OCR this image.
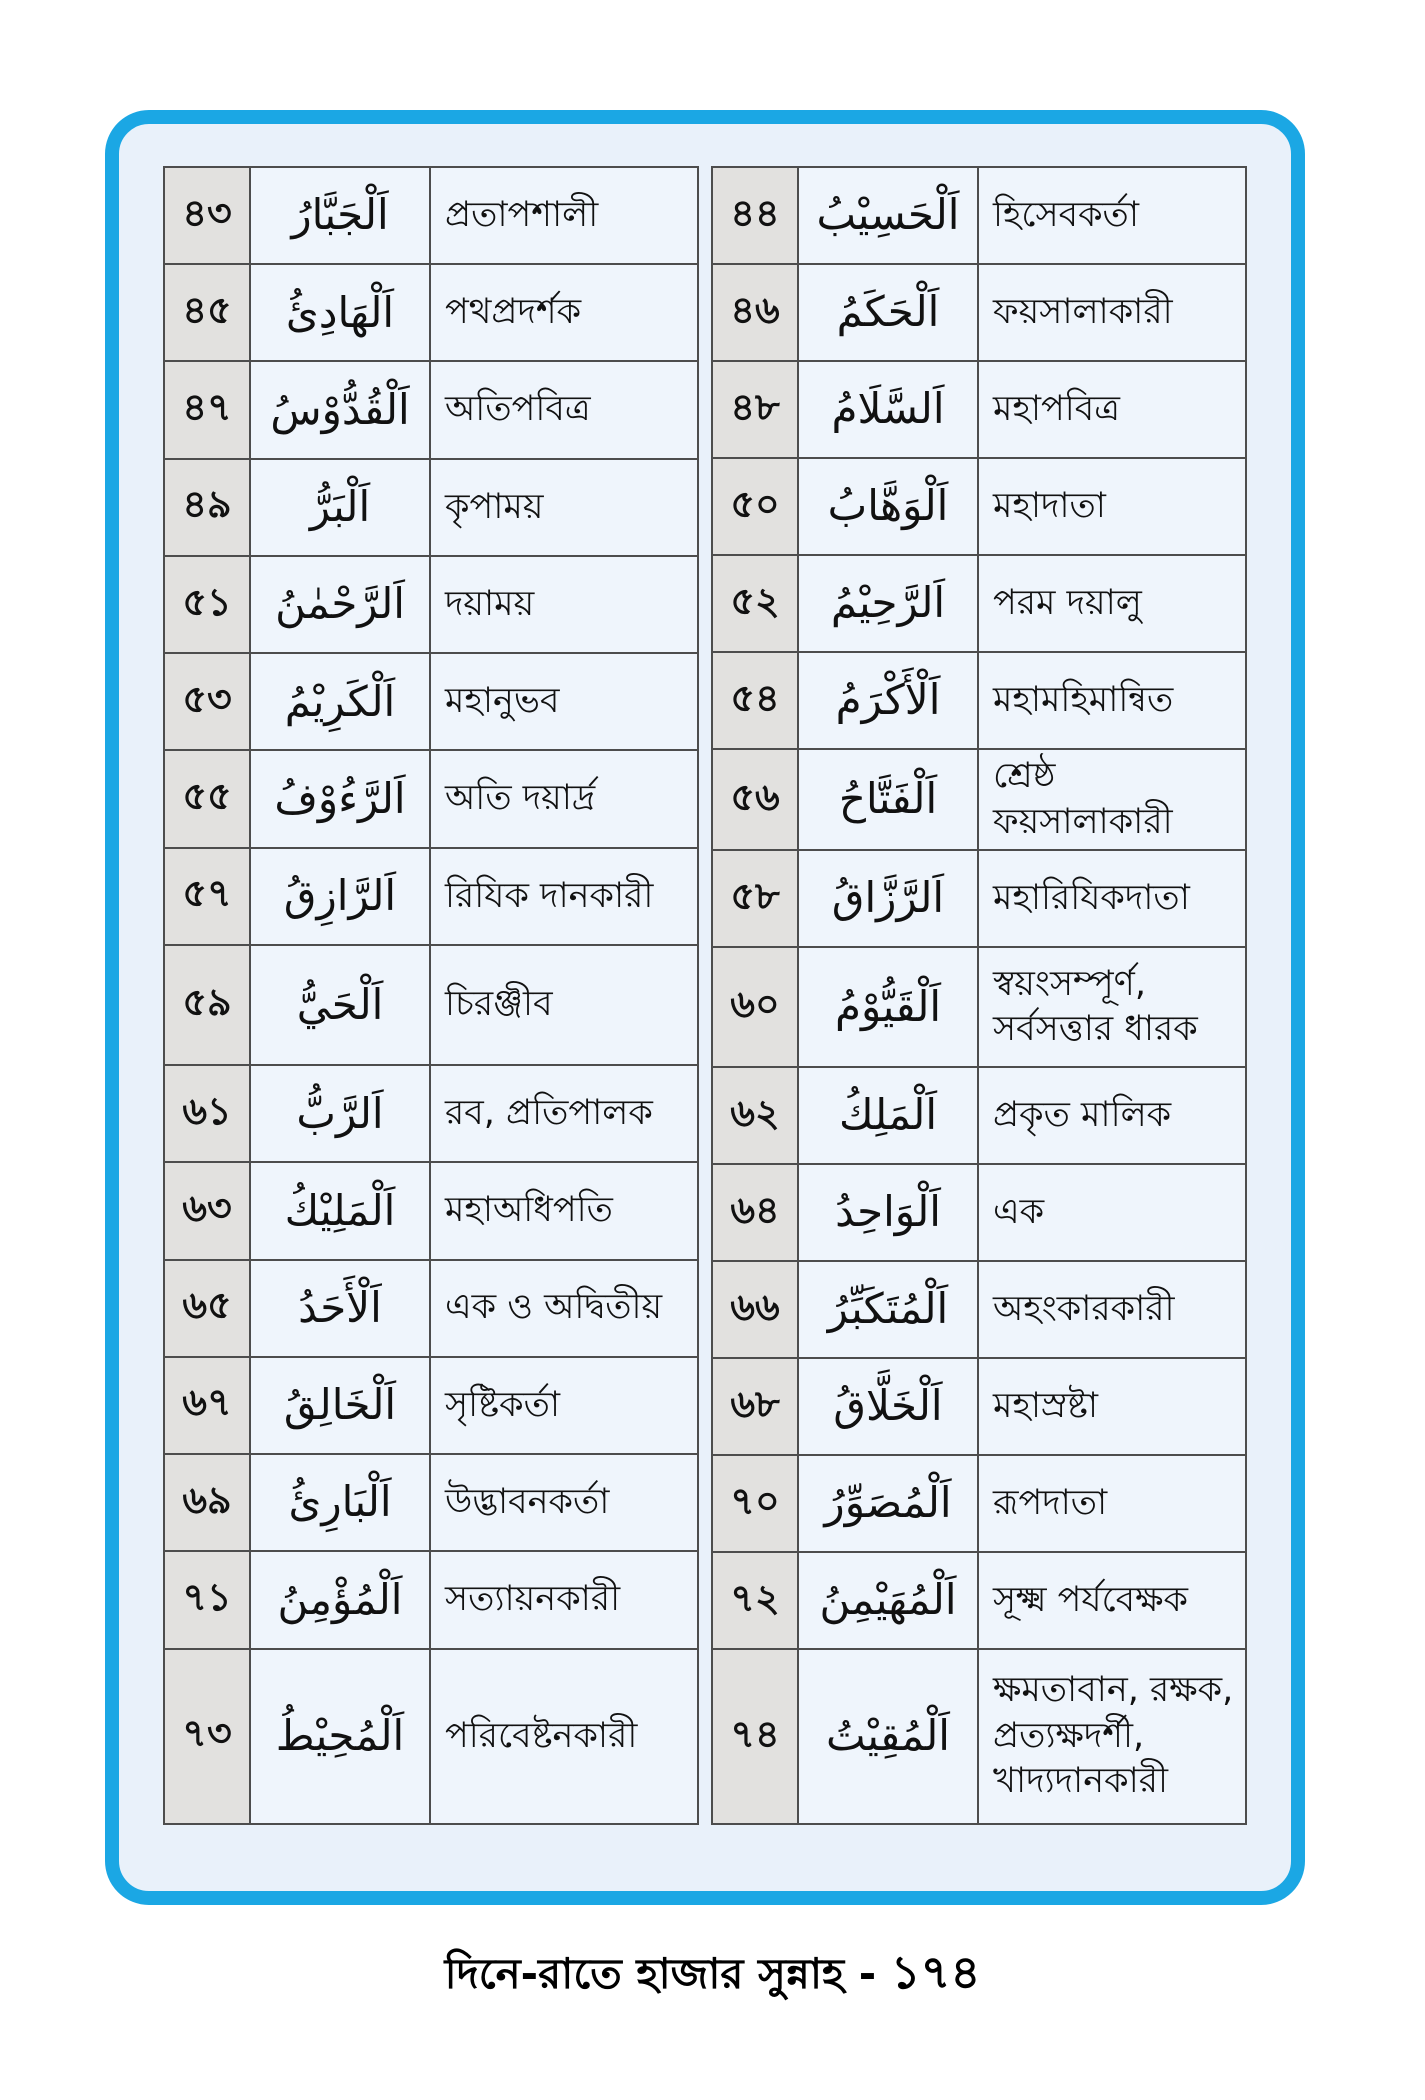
৪৩	اَلْجَبَّارُ	প্রতাপশালী
৪৫	اَلْهَادِئُ	পথপ্রদর্শক
৪৭	اَلْقُدُّوْسُ	অতিপবিত্র
৪৯	اَلْبَرُّ	কৃপাময়
৫১	اَلرَّحْمٰنُ	দয়াময়
৫৩	اَلْكَرِيْمُ	মহানুভব
৫৫	اَلرَّءُوْفُ	অতি দয়ার্দ্র
৫৭	اَلرَّازِقُ	রিযিক দানকারী
৫৯	اَلْحَيُّ	চিরঞ্জীব
৬১	اَلرَّبُّ	রব, প্রতিপালক
৬৩	اَلْمَلِيْكُ	মহাঅধিপতি
৬৫	اَلْأَحَدُ	এক ও অদ্বিতীয়
৬৭	اَلْخَالِقُ	সৃষ্টিকর্তা
৬৯	اَلْبَارِئُ	উদ্ভাবনকর্তা
৭১	اَلْمُؤْمِنُ	সত্যায়নকারী
৭৩	اَلْمُحِيْطُ	পরিবেষ্টনকারী
৪৪	اَلْحَسِيْبُ	হিসেবকর্তা
৪৬	اَلْحَكَمُ	ফয়সালাকারী
৪৮	اَلسَّلَامُ	মহাপবিত্র
৫০	اَلْوَهَّابُ	মহাদাতা
৫২	اَلرَّحِيْمُ	পরম দয়ালু
৫৪	اَلْأَكْرَمُ	মহামহিমান্বিত
৫৬	اَلْفَتَّاحُ	শ্রেষ্ঠ ফয়সালাকারী
৫৮	اَلرَّزَّاقُ	মহারিযিকদাতা
৬০	اَلْقَيُّوْمُ	স্বয়ংসম্পূর্ণ, সর্বসত্তার ধারক
৬২	اَلْمَلِكُ	প্রকৃত মালিক
৬৪	اَلْوَاحِدُ	এক
৬৬	اَلْمُتَكَبِّرُ	অহংকারকারী
৬৮	اَلْخَلَّاقُ	মহাস্রষ্টা
৭০	اَلْمُصَوِّرُ	রূপদাতা
৭২	اَلْمُهَيْمِنُ	সূক্ষ্ম পর্যবেক্ষক
৭৪	اَلْمُقِيْتُ	ক্ষমতাবান, রক্ষক, প্রত্যক্ষদর্শী, খাদ্যদানকারী
দিনে-রাতে হাজার সুন্নাহ - ১৭৪
